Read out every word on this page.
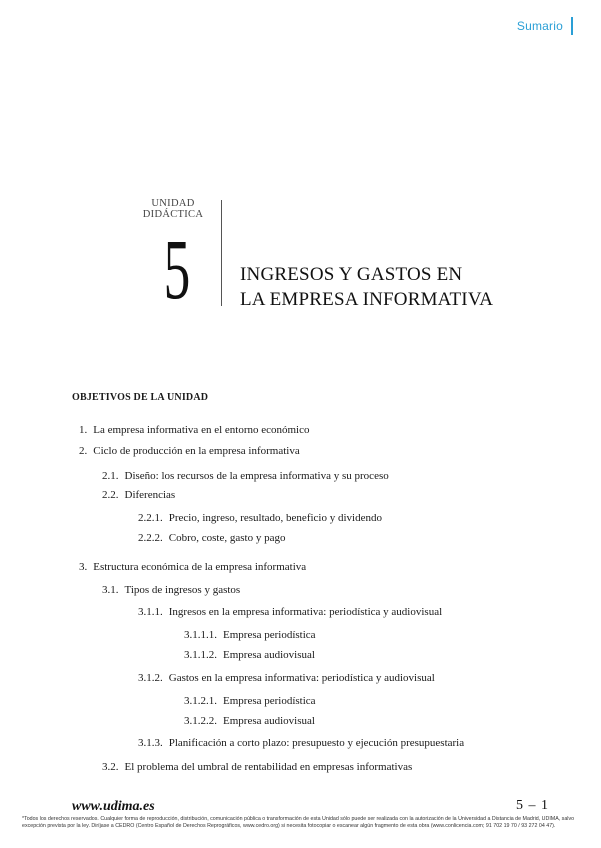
Sumario
UNIDAD
DIDÁCTICA
5	INGRESOS Y GASTOS EN
LA EMPRESA INFORMATIVA
OBJETIVOS DE LA UNIDAD
1. La empresa informativa en el entorno económico
2. Ciclo de producción en la empresa informativa
2.1. Diseño: los recursos de la empresa informativa y su proceso
2.2. Diferencias
2.2.1. Precio, ingreso, resultado, beneficio y dividendo
2.2.2. Cobro, coste, gasto y pago
3. Estructura económica de la empresa informativa
3.1. Tipos de ingresos y gastos
3.1.1. Ingresos en la empresa informativa: periodística y audiovisual
3.1.1.1. Empresa periodística
3.1.1.2. Empresa audiovisual
3.1.2. Gastos en la empresa informativa: periodística y audiovisual
3.1.2.1. Empresa periodística
3.1.2.2. Empresa audiovisual
3.1.3. Planificación a corto plazo: presupuesto y ejecución presupuestaria
3.2. El problema del umbral de rentabilidad en empresas informativas
www.udima.es	5 – 1
*Todos los derechos reservados. Cualquier forma de reproducción, distribución, comunicación pública o transformación de esta Unidad sólo puede ser realizada con la autorización de la Universidad a Distancia de Madrid, UDIMA, salvo excepción prevista por la ley. Diríjase a CEDRO (Centro Español de Derechos Reprográficos, www.cedro.org) si necesita fotocopiar o escanear algún fragmento de esta obra (www.conlicencia.com; 91 702 19 70 / 93 272 04 47).
